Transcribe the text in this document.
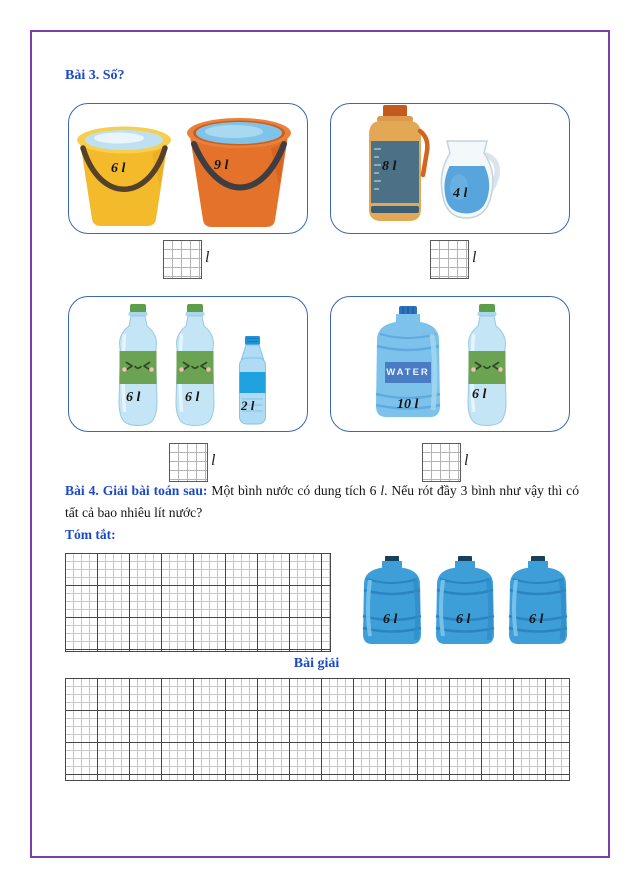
Bài 3. Số?
6 l	9 l	8 l
4 l
l	l
6 l	6 l
2 l
WATER
10 l
6 l
l	l
Bài 4. Giải bài toán sau: Một bình nước có dung tích 6 l. Nếu rót đầy 3 bình như vậy thì có tất cả bao nhiêu lít nước?
Tóm tắt:
6 l	6 l	6 l
Bài giải
